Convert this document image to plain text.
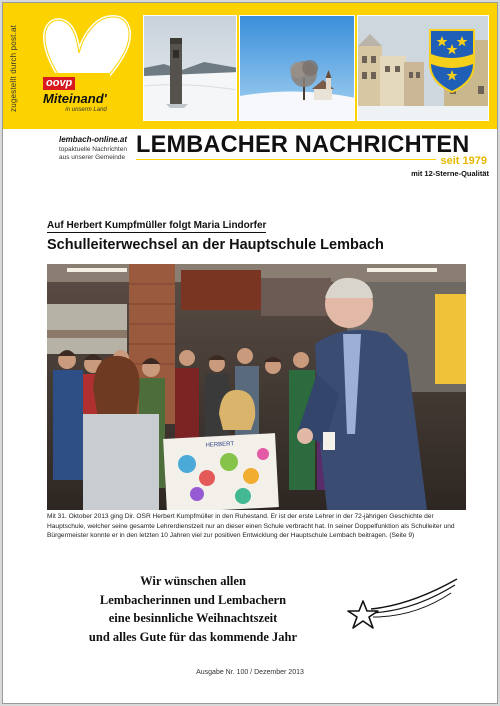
zugestellt durch post.at	oovp
Miteinand'
in unserm Land
lembach-online.at
topaktuelle Nachrichten aus unserer Gemeinde LEMBACHER NACHRICHTEN
seit 1979
mit 12-Sterne-Qualität
Auf Herbert Kumpfmüller folgt Maria Lindorfer
Schulleiterwechsel an der Hauptschule Lembach
HERBERT
Mit 31. Oktober 2013 ging Dir. OSR Herbert Kumpfmüller in den Ruhestand. Er ist der erste Lehrer in der 72-jährigen Geschichte der Hauptschule, welcher seine gesamte Lehrerdienstzeit nur an dieser einen Schule verbracht hat. In seiner Doppelfunktion als Schulleiter und Bürgermeister konnte er in den letzten 10 Jahren viel zur positiven Entwicklung der Hauptschule Lembach beitragen. (Seite 9)
Wir wünschen allen
Lembacherinnen und Lembachern
eine besinnliche Weihnachtszeit
und alles Gute für das kommende Jahr
Ausgabe Nr. 100 / Dezember 2013
